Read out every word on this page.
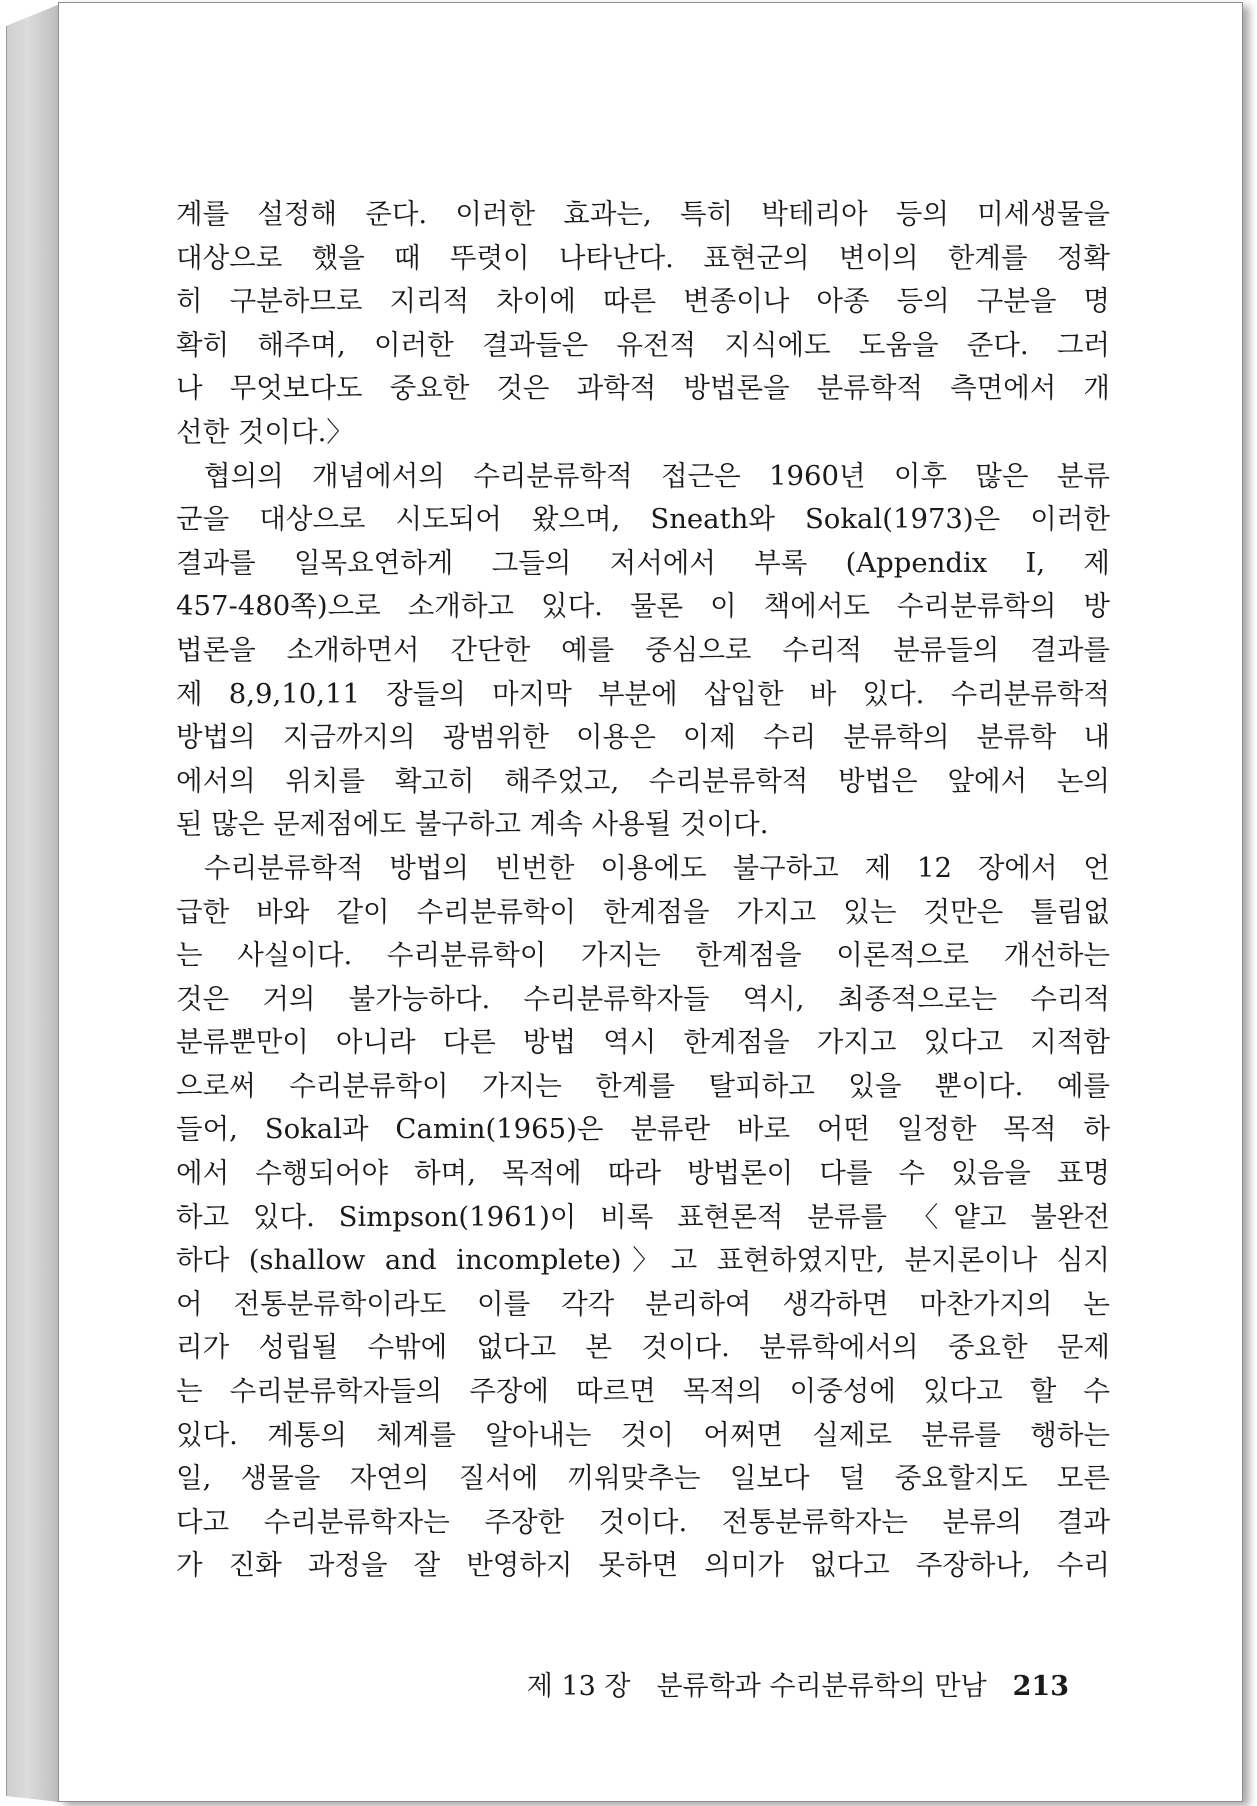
계를 설정해 준다. 이러한 효과는, 특히 박테리아 등의 미세생물을
대상으로 했을 때 뚜렷이 나타난다. 표현군의 변이의 한계를 정확
히 구분하므로 지리적 차이에 따른 변종이나 아종 등의 구분을 명
확히 해주며, 이러한 결과들은 유전적 지식에도 도움을 준다. 그러
나 무엇보다도 중요한 것은 과학적 방법론을 분류학적 측면에서 개
선한 것이다.〉
협의의 개념에서의 수리분류학적 접근은 1960년 이후 많은 분류
군을 대상으로 시도되어 왔으며, Sneath와 Sokal(1973)은 이러한
결과를 일목요연하게 그들의 저서에서 부록 (Appendix I, 제
457-480쪽)으로 소개하고 있다. 물론 이 책에서도 수리분류학의 방
법론을 소개하면서 간단한 예를 중심으로 수리적 분류들의 결과를
제 8,9,10,11 장들의 마지막 부분에 삽입한 바 있다. 수리분류학적
방법의 지금까지의 광범위한 이용은 이제 수리 분류학의 분류학 내
에서의 위치를 확고히 해주었고, 수리분류학적 방법은 앞에서 논의
된 많은 문제점에도 불구하고 계속 사용될 것이다.
수리분류학적 방법의 빈번한 이용에도 불구하고 제 12 장에서 언
급한 바와 같이 수리분류학이 한계점을 가지고 있는 것만은 틀림없
는 사실이다. 수리분류학이 가지는 한계점을 이론적으로 개선하는
것은 거의 불가능하다. 수리분류학자들 역시, 최종적으로는 수리적
분류뿐만이 아니라 다른 방법 역시 한계점을 가지고 있다고 지적함
으로써 수리분류학이 가지는 한계를 탈피하고 있을 뿐이다. 예를
들어, Sokal과 Camin(1965)은 분류란 바로 어떤 일정한 목적 하
에서 수행되어야 하며, 목적에 따라 방법론이 다를 수 있음을 표명
하고 있다. Simpson(1961)이 비록 표현론적 분류를 〈얕고 불완전
하다 (shallow and incomplete)〉고 표현하였지만, 분지론이나 심지
어 전통분류학이라도 이를 각각 분리하여 생각하면 마찬가지의 논
리가 성립될 수밖에 없다고 본 것이다. 분류학에서의 중요한 문제
는 수리분류학자들의 주장에 따르면 목적의 이중성에 있다고 할 수
있다. 계통의 체계를 알아내는 것이 어쩌면 실제로 분류를 행하는
일, 생물을 자연의 질서에 끼워맞추는 일보다 덜 중요할지도 모른
다고 수리분류학자는 주장한 것이다. 전통분류학자는 분류의 결과
가 진화 과정을 잘 반영하지 못하면 의미가 없다고 주장하나, 수리
제 13 장 분류학과 수리분류학의 만남 213
